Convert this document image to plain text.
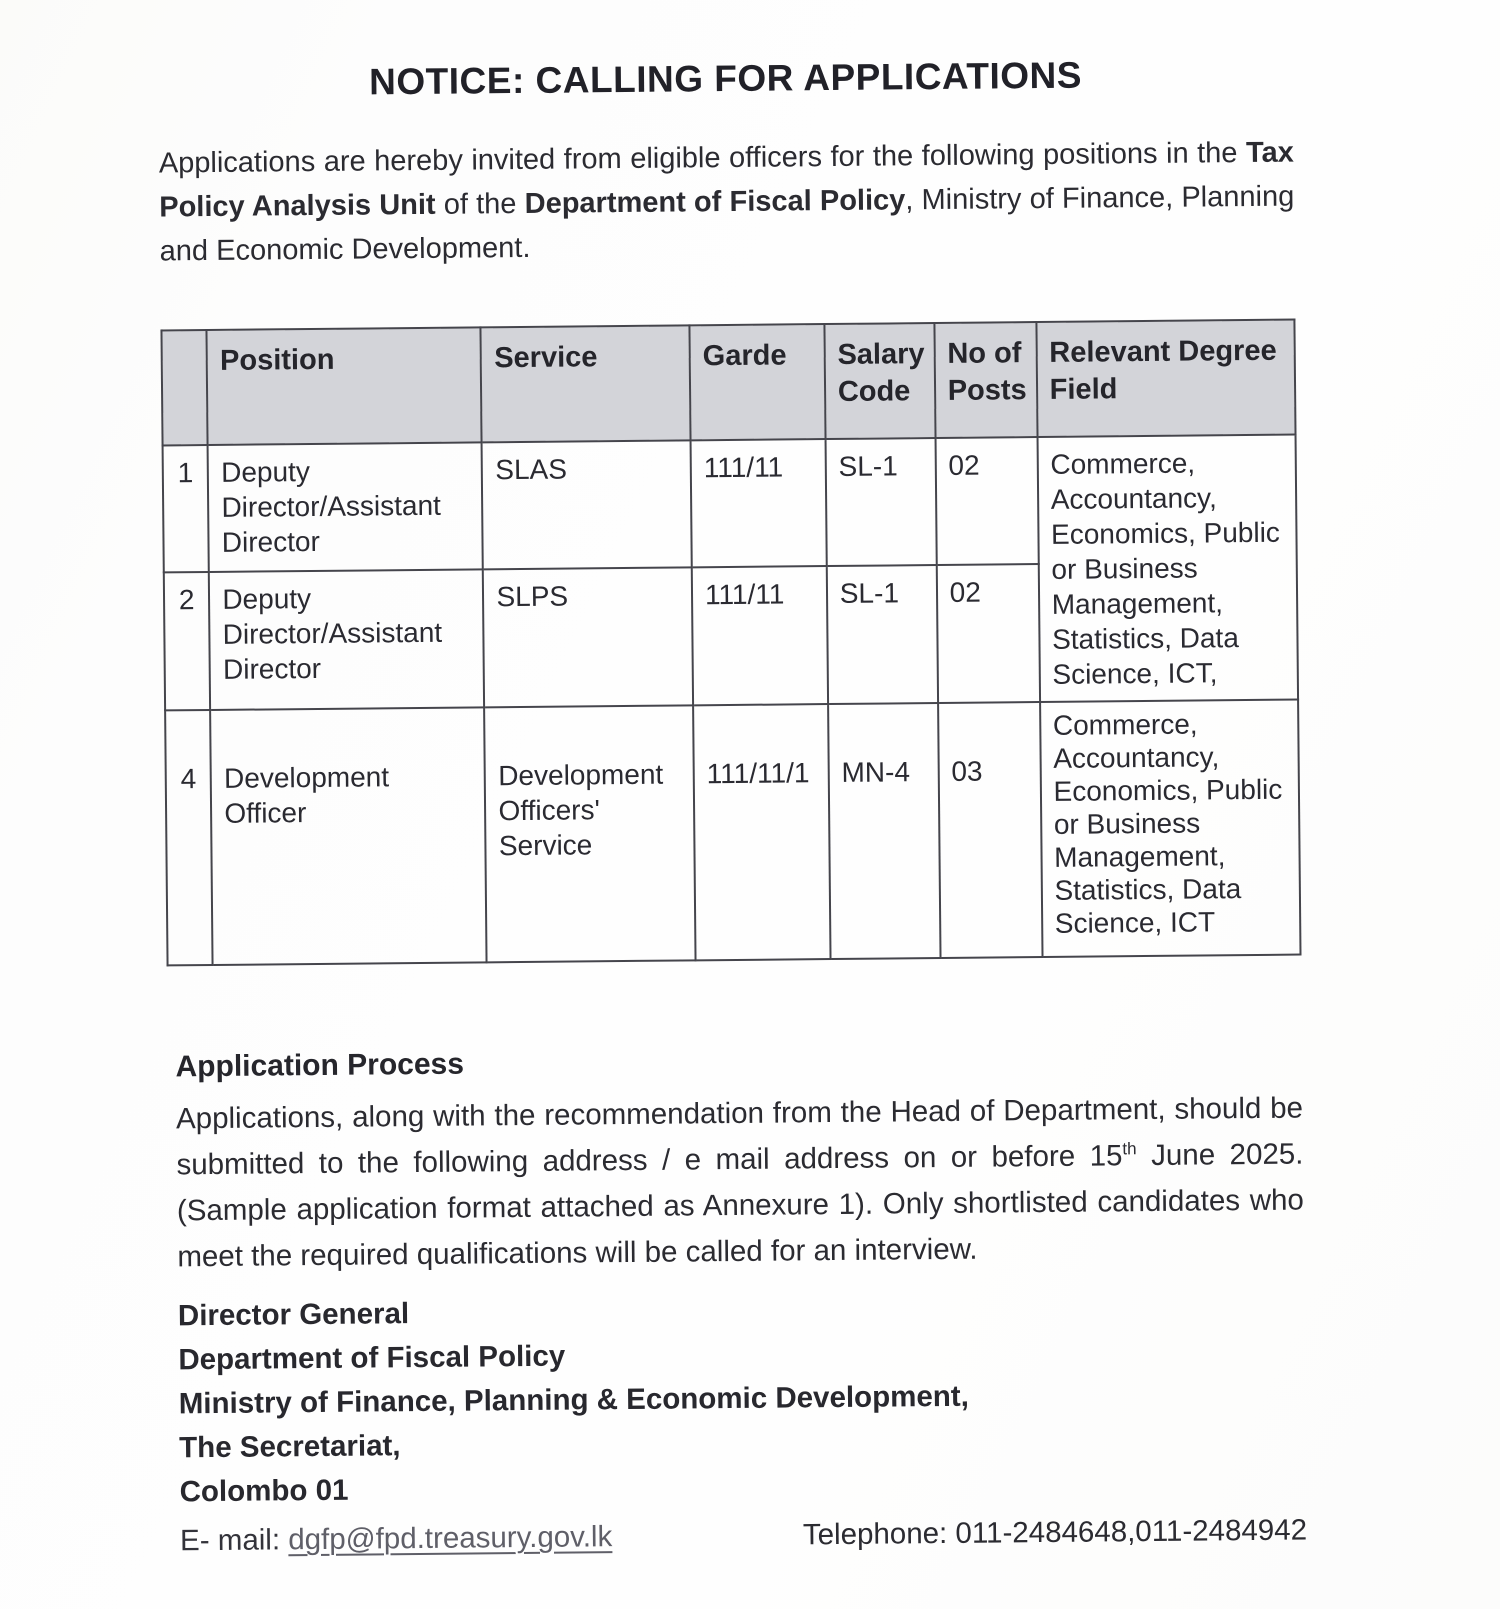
NOTICE: CALLING FOR APPLICATIONS

Applications are hereby invited from eligible officers for the following positions in the Tax Policy Analysis Unit of the Department of Fiscal Policy, Ministry of Finance, Planning and Economic Development.

	Position	Service	Garde	Salary Code	No of Posts	Relevant Degree Field
1	Deputy Director/Assistant Director	SLAS	111/11	SL-1	02	Commerce, Accountancy, Economics, Public or Business Management, Statistics, Data Science, ICT,
2	Deputy Director/Assistant Director	SLPS	111/11	SL-1	02	
4	Development Officer	Development Officers' Service	111/11/1	MN-4	03	Commerce, Accountancy, Economics, Public or Business Management, Statistics, Data Science, ICT
Application Process

Applications, along with the recommendation from the Head of Department, should be submitted to the following address / e mail address on or before 15th June 2025. (Sample application format attached as Annexure 1). Only shortlisted candidates who meet the required qualifications will be called for an interview.

Director General
Department of Fiscal Policy
Ministry of Finance, Planning & Economic Development,
The Secretariat,
Colombo 01
E- mail: dgfp@fpd.treasury.gov.lk	Telephone: 011-2484648,011-2484942
